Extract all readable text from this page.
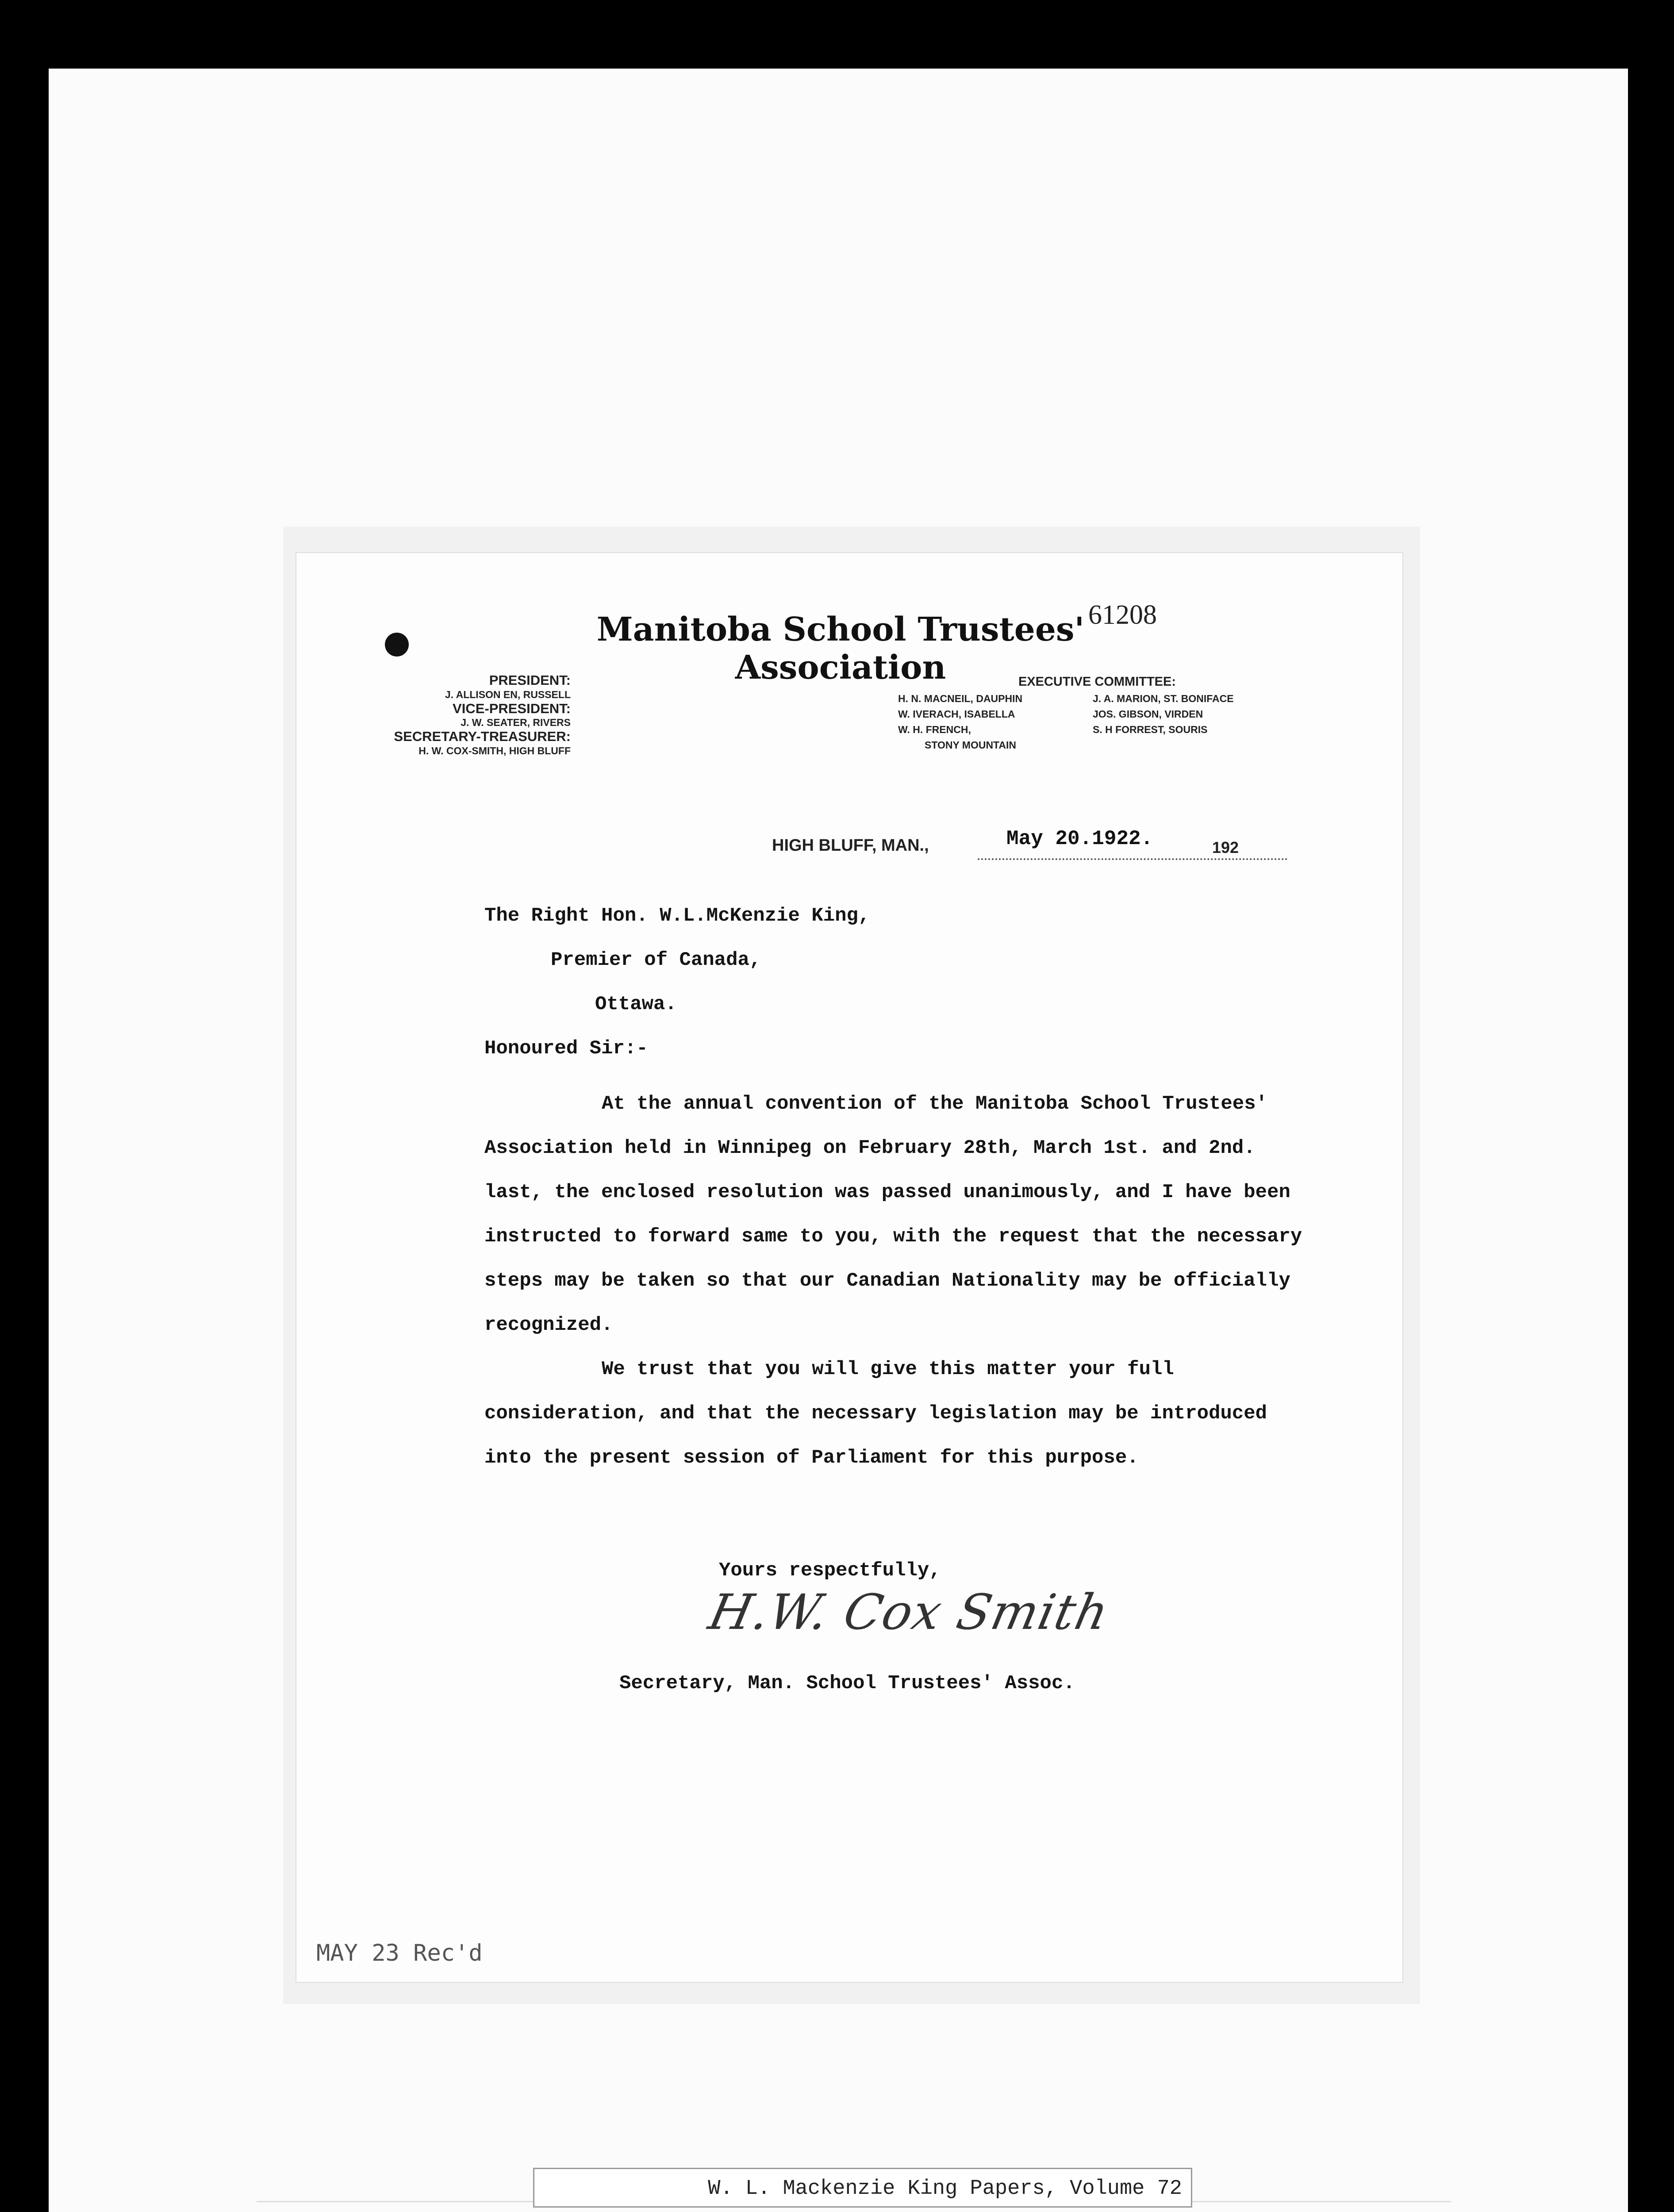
Manitoba School Trustees' Association
61208
PRESIDENT:
J. ALLISON EN, RUSSELL
VICE-PRESIDENT:
J. W. SEATER, RIVERS
SECRETARY-TREASURER:
H. W. COX-SMITH, HIGH BLUFF
EXECUTIVE COMMITTEE:
H. N. MACNEIL, DAUPHIN	J. A. MARION, ST. BONIFACE
W. IVERACH, ISABELLA	JOS. GIBSON, VIRDEN
W. H. FRENCH,	S. H FORREST, SOURIS
STONY MOUNTAIN
HIGH BLUFF, MAN.,	May 20.1922.	192
The Right Hon. W.L.McKenzie King,
Premier of Canada,
Ottawa.
Honoured Sir:-

At the annual convention of the Manitoba School Trustees' Association held in Winnipeg on February 28th, March 1st. and 2nd. last, the enclosed resolution was passed unanimously, and I have been instructed to forward same to you, with the request that the necessary steps may be taken so that our Canadian Nationality may be officially recognized.

We trust that you will give this matter your full consideration, and that the necessary legislation may be introduced into the present session of Parliament for this purpose.

Yours respectfully,
H.W. Cox Smith
Secretary, Man. School Trustees' Assoc.
MAY 23 Rec'd
W. L. Mackenzie King Papers, Volume 72
